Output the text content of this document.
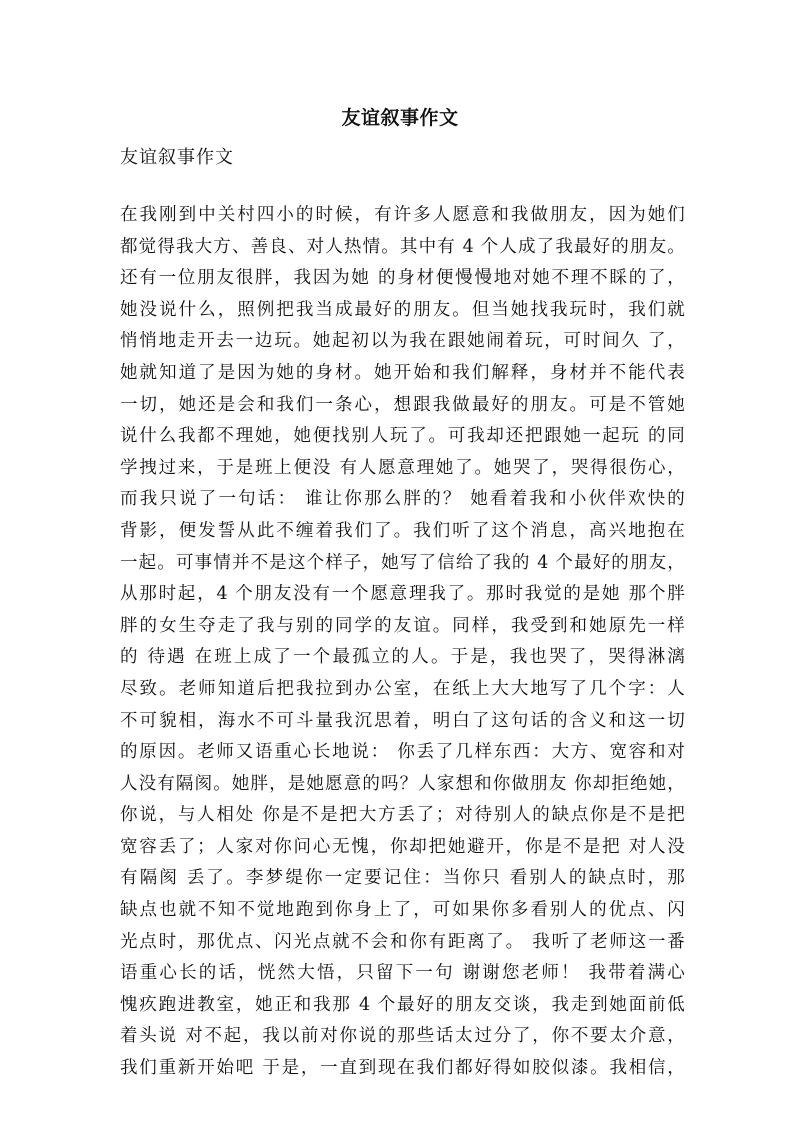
友谊叙事作文
友谊叙事作文
在我刚到中关村四小的时候，有许多人愿意和我做朋友，因为她们
都觉得我大方、善良、对人热情。其中有 4 个人成了我最好的朋友。
还有一位朋友很胖，我因为她 的身材便慢慢地对她不理不睬的了，
她没说什么，照例把我当成最好的朋友。但当她找我玩时，我们就
悄悄地走开去一边玩。她起初以为我在跟她闹着玩，可时间久 了，
她就知道了是因为她的身材。她开始和我们解释，身材并不能代表
一切，她还是会和我们一条心，想跟我做最好的朋友。可是不管她
说什么我都不理她，她便找别人玩了。可我却还把跟她一起玩 的同
学拽过来，于是班上便没 有人愿意理她了。她哭了，哭得很伤心，
而我只说了一句话： 谁让你那么胖的？ 她看着我和小伙伴欢快的
背影，便发誓从此不缠着我们了。我们听了这个消息，高兴地抱在
一起。可事情并不是这个样子，她写了信给了我的 4 个最好的朋友，
从那时起，4 个朋友没有一个愿意理我了。那时我觉的是她 那个胖
胖的女生夺走了我与别的同学的友谊。同样，我受到和她原先一样
的 待遇 在班上成了一个最孤立的人。于是，我也哭了，哭得淋漓
尽致。老师知道后把我拉到办公室，在纸上大大地写了几个字：人
不可貌相，海水不可斗量我沉思着，明白了这句话的含义和这一切
的原因。老师又语重心长地说： 你丢了几样东西：大方、宽容和对
人没有隔阂。她胖，是她愿意的吗？人家想和你做朋友 你却拒绝她，
你说，与人相处 你是不是把大方丢了；对待别人的缺点你是不是把
宽容丢了；人家对你问心无愧，你却把她避开，你是不是把 对人没
有隔阂 丢了。李梦缇你一定要记住：当你只 看别人的缺点时，那
缺点也就不知不觉地跑到你身上了，可如果你多看别人的优点、闪
光点时，那优点、闪光点就不会和你有距离了。 我听了老师这一番
语重心长的话，恍然大悟，只留下一句 谢谢您老师！ 我带着满心
愧疚跑进教室，她正和我那 4 个最好的朋友交谈，我走到她面前低
着头说 对不起，我以前对你说的那些话太过分了，你不要太介意，
我们重新开始吧 于是，一直到现在我们都好得如胶似漆。我相信，
